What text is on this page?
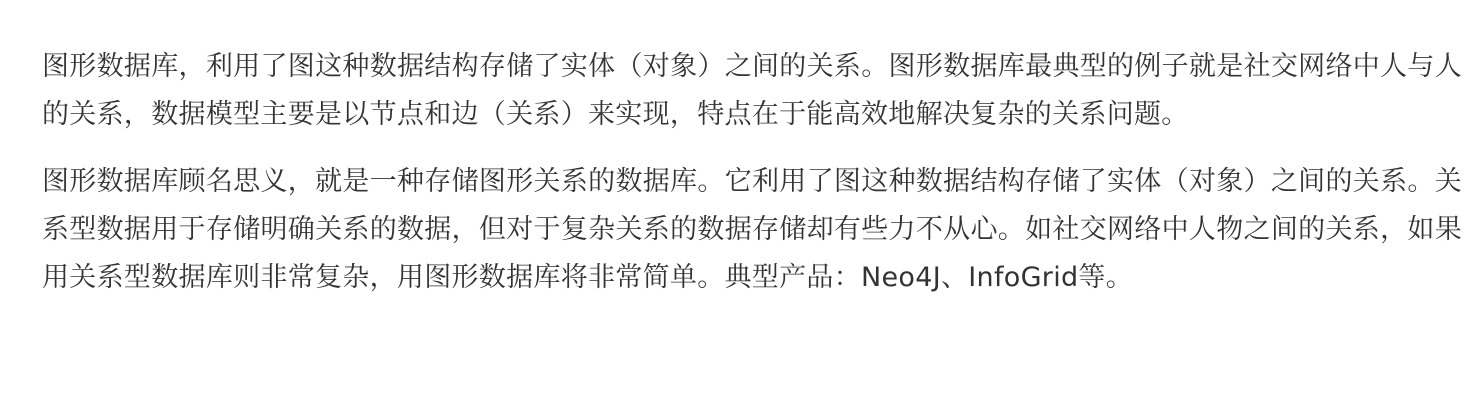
图形数据库，利用了图这种数据结构存储了实体（对象）之间的关系。图形数据库最典型的例子就是社交网络中人与人的关系，数据模型主要是以节点和边（关系）来实现，特点在于能高效地解决复杂的关系问题。

图形数据库顾名思义，就是一种存储图形关系的数据库。它利用了图这种数据结构存储了实体（对象）之间的关系。关系型数据用于存储明确关系的数据，但对于复杂关系的数据存储却有些力不从心。如社交网络中人物之间的关系，如果用关系型数据库则非常复杂，用图形数据库将非常简单。典型产品：Neo4J、InfoGrid等。
